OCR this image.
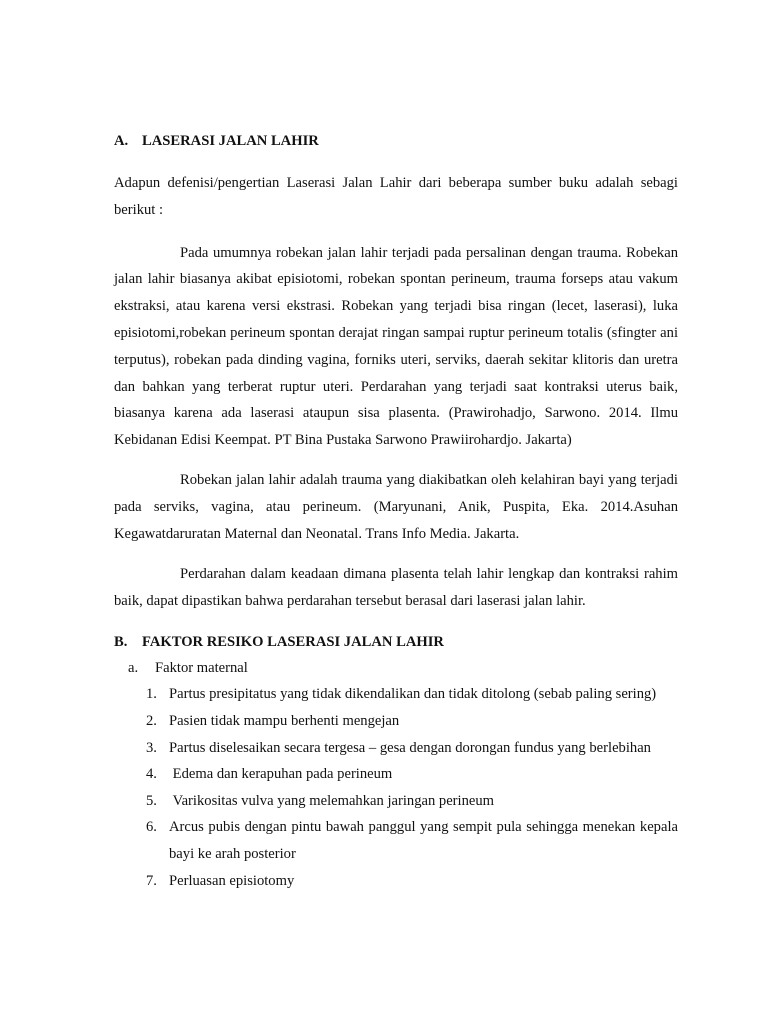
A. LASERASI JALAN LAHIR

Adapun defenisi/pengertian Laserasi Jalan Lahir dari beberapa sumber buku adalah sebagi berikut :

Pada umumnya robekan jalan lahir terjadi pada persalinan dengan trauma. Robekan jalan lahir biasanya akibat episiotomi, robekan spontan perineum, trauma forseps atau vakum ekstraksi, atau karena versi ekstrasi. Robekan yang terjadi bisa ringan (lecet, laserasi), luka episiotomi,robekan perineum spontan derajat ringan sampai ruptur perineum totalis (sfingter ani terputus), robekan pada dinding vagina, forniks uteri, serviks, daerah sekitar klitoris dan uretra dan bahkan yang terberat ruptur uteri. Perdarahan yang terjadi saat kontraksi uterus baik, biasanya karena ada laserasi ataupun sisa plasenta. (Prawirohadjo, Sarwono. 2014. Ilmu Kebidanan Edisi Keempat. PT Bina Pustaka Sarwono Prawiirohardjo. Jakarta)

Robekan jalan lahir adalah trauma yang diakibatkan oleh kelahiran bayi yang terjadi pada serviks, vagina, atau perineum. (Maryunani, Anik, Puspita, Eka. 2014.Asuhan Kegawatdaruratan Maternal dan Neonatal. Trans Info Media. Jakarta.

Perdarahan dalam keadaan dimana plasenta telah lahir lengkap dan kontraksi rahim baik, dapat dipastikan bahwa perdarahan tersebut berasal dari laserasi jalan lahir.

B. FAKTOR RESIKO LASERASI JALAN LAHIR

a. Faktor maternal

1. Partus presipitatus yang tidak dikendalikan dan tidak ditolong (sebab paling sering)
2. Pasien tidak mampu berhenti mengejan
3. Partus diselesaikan secara tergesa – gesa dengan dorongan fundus yang berlebihan
4. Edema dan kerapuhan pada perineum
5. Varikositas vulva yang melemahkan jaringan perineum
6. Arcus pubis dengan pintu bawah panggul yang sempit pula sehingga menekan kepala bayi ke arah posterior
7. Perluasan episiotomy
